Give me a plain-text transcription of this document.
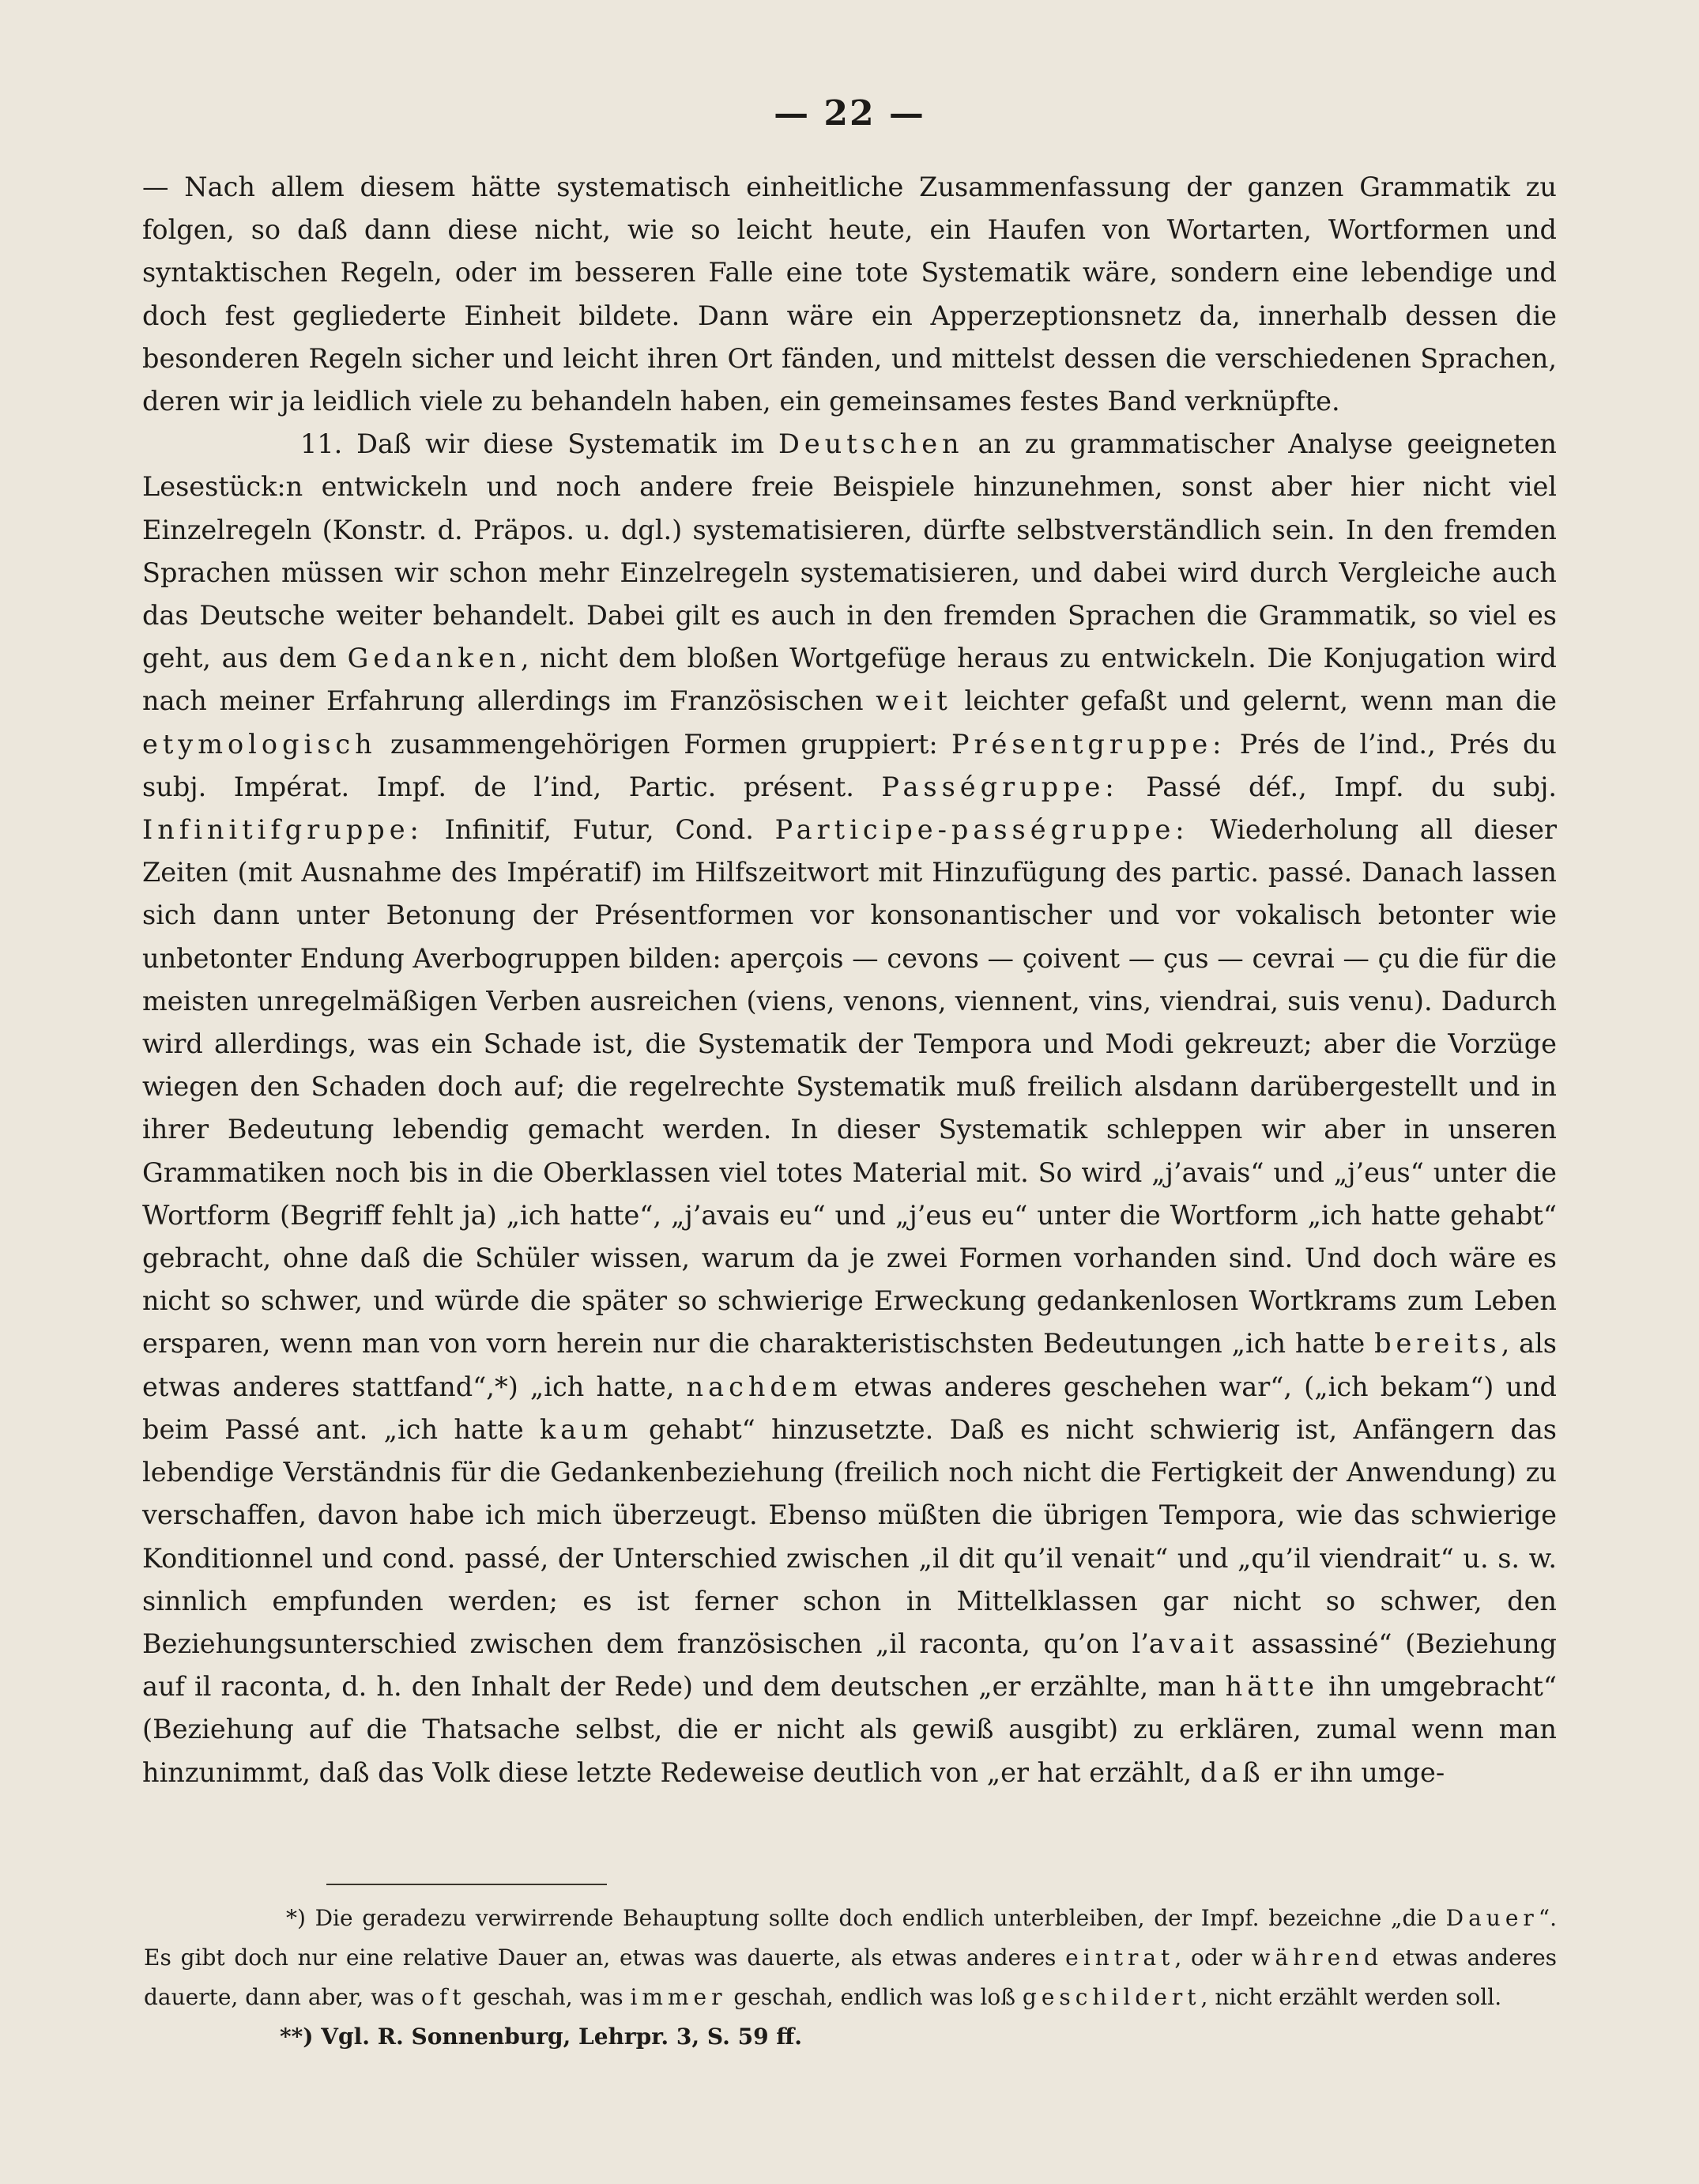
— 22 —

— Nach allem diesem hätte systematisch einheitliche Zusammenfassung der ganzen Grammatik zu folgen, so daß dann diese nicht, wie so leicht heute, ein Haufen von Wortarten, Wortformen und syntaktischen Regeln, oder im besseren Falle eine tote Systematik wäre, sondern eine lebendige und doch fest gegliederte Einheit bildete. Dann wäre ein Apperzeptionsnetz da, innerhalb dessen die besonderen Regeln sicher und leicht ihren Ort fänden, und mittelst dessen die verschiedenen Sprachen, deren wir ja leidlich viele zu behandeln haben, ein gemeinsames festes Band verknüpfte.

11. Daß wir diese Systematik im Deutschen an zu grammatischer Analyse geeigneten Lesestück:n entwickeln und noch andere freie Beispiele hinzunehmen, sonst aber hier nicht viel Einzelregeln (Konstr. d. Präpos. u. dgl.) systematisieren, dürfte selbstverständlich sein. In den fremden Sprachen müssen wir schon mehr Einzelregeln systematisieren, und dabei wird durch Vergleiche auch das Deutsche weiter behandelt. Dabei gilt es auch in den fremden Sprachen die Grammatik, so viel es geht, aus dem Gedanken, nicht dem bloßen Wortgefüge heraus zu entwickeln. Die Konjugation wird nach meiner Erfahrung allerdings im Französischen weit leichter gefaßt und gelernt, wenn man die etymologisch zusammengehörigen Formen gruppiert: Présentgruppe: Prés de l’ind., Prés du subj. Impérat. Impf. de l’ind, Partic. présent. Passégruppe: Passé déf., Impf. du subj. Infinitifgruppe: Infinitif, Futur, Cond. Participe-passégruppe: Wiederholung all dieser Zeiten (mit Ausnahme des Impératif) im Hilfszeitwort mit Hinzufügung des partic. passé. Danach lassen sich dann unter Betonung der Présentformen vor konsonantischer und vor vokalisch betonter wie unbetonter Endung Averbogruppen bilden: aperçois — cevons — çoivent — çus — cevrai — çu die für die meisten unregelmäßigen Verben ausreichen (viens, venons, viennent, vins, viendrai, suis venu). Dadurch wird allerdings, was ein Schade ist, die Systematik der Tempora und Modi gekreuzt; aber die Vorzüge wiegen den Schaden doch auf; die regelrechte Systematik muß freilich alsdann darübergestellt und in ihrer Bedeutung lebendig gemacht werden. In dieser Systematik schleppen wir aber in unseren Grammatiken noch bis in die Oberklassen viel totes Material mit. So wird „j’avais“ und „j’eus“ unter die Wortform (Begriff fehlt ja) „ich hatte“, „j’avais eu“ und „j’eus eu“ unter die Wortform „ich hatte gehabt“ gebracht, ohne daß die Schüler wissen, warum da je zwei Formen vorhanden sind. Und doch wäre es nicht so schwer, und würde die später so schwierige Erweckung gedankenlosen Wortkrams zum Leben ersparen, wenn man von vorn herein nur die charakteristischsten Bedeutungen „ich hatte bereits, als etwas anderes stattfand“,*) „ich hatte, nachdem etwas anderes geschehen war“, („ich bekam“) und beim Passé ant. „ich hatte kaum gehabt“ hinzusetzte. Daß es nicht schwierig ist, Anfängern das lebendige Verständnis für die Gedankenbeziehung (freilich noch nicht die Fertigkeit der Anwendung) zu verschaffen, davon habe ich mich überzeugt. Ebenso müßten die übrigen Tempora, wie das schwierige Konditionnel und cond. passé, der Unterschied zwischen „il dit qu’il venait“ und „qu’il viendrait“ u. s. w. sinnlich empfunden werden; es ist ferner schon in Mittelklassen gar nicht so schwer, den Beziehungsunterschied zwischen dem französischen „il raconta, qu’on l’avait assassiné“ (Beziehung auf il raconta, d. h. den Inhalt der Rede) und dem deutschen „er erzählte, man hätte ihn umgebracht“ (Beziehung auf die Thatsache selbst, die er nicht als gewiß ausgibt) zu erklären, zumal wenn man hinzunimmt, daß das Volk diese letzte Redeweise deutlich von „er hat erzählt, daß er ihn umge-

*) Die geradezu verwirrende Behauptung sollte doch endlich unterbleiben, der Impf. bezeichne „die Dauer“. Es gibt doch nur eine relative Dauer an, etwas was dauerte, als etwas anderes eintrat, oder während etwas anderes dauerte, dann aber, was oft geschah, was immer geschah, endlich was loß geschildert, nicht erzählt werden soll.

**) Vgl. R. Sonnenburg, Lehrpr. 3, S. 59 ff.
